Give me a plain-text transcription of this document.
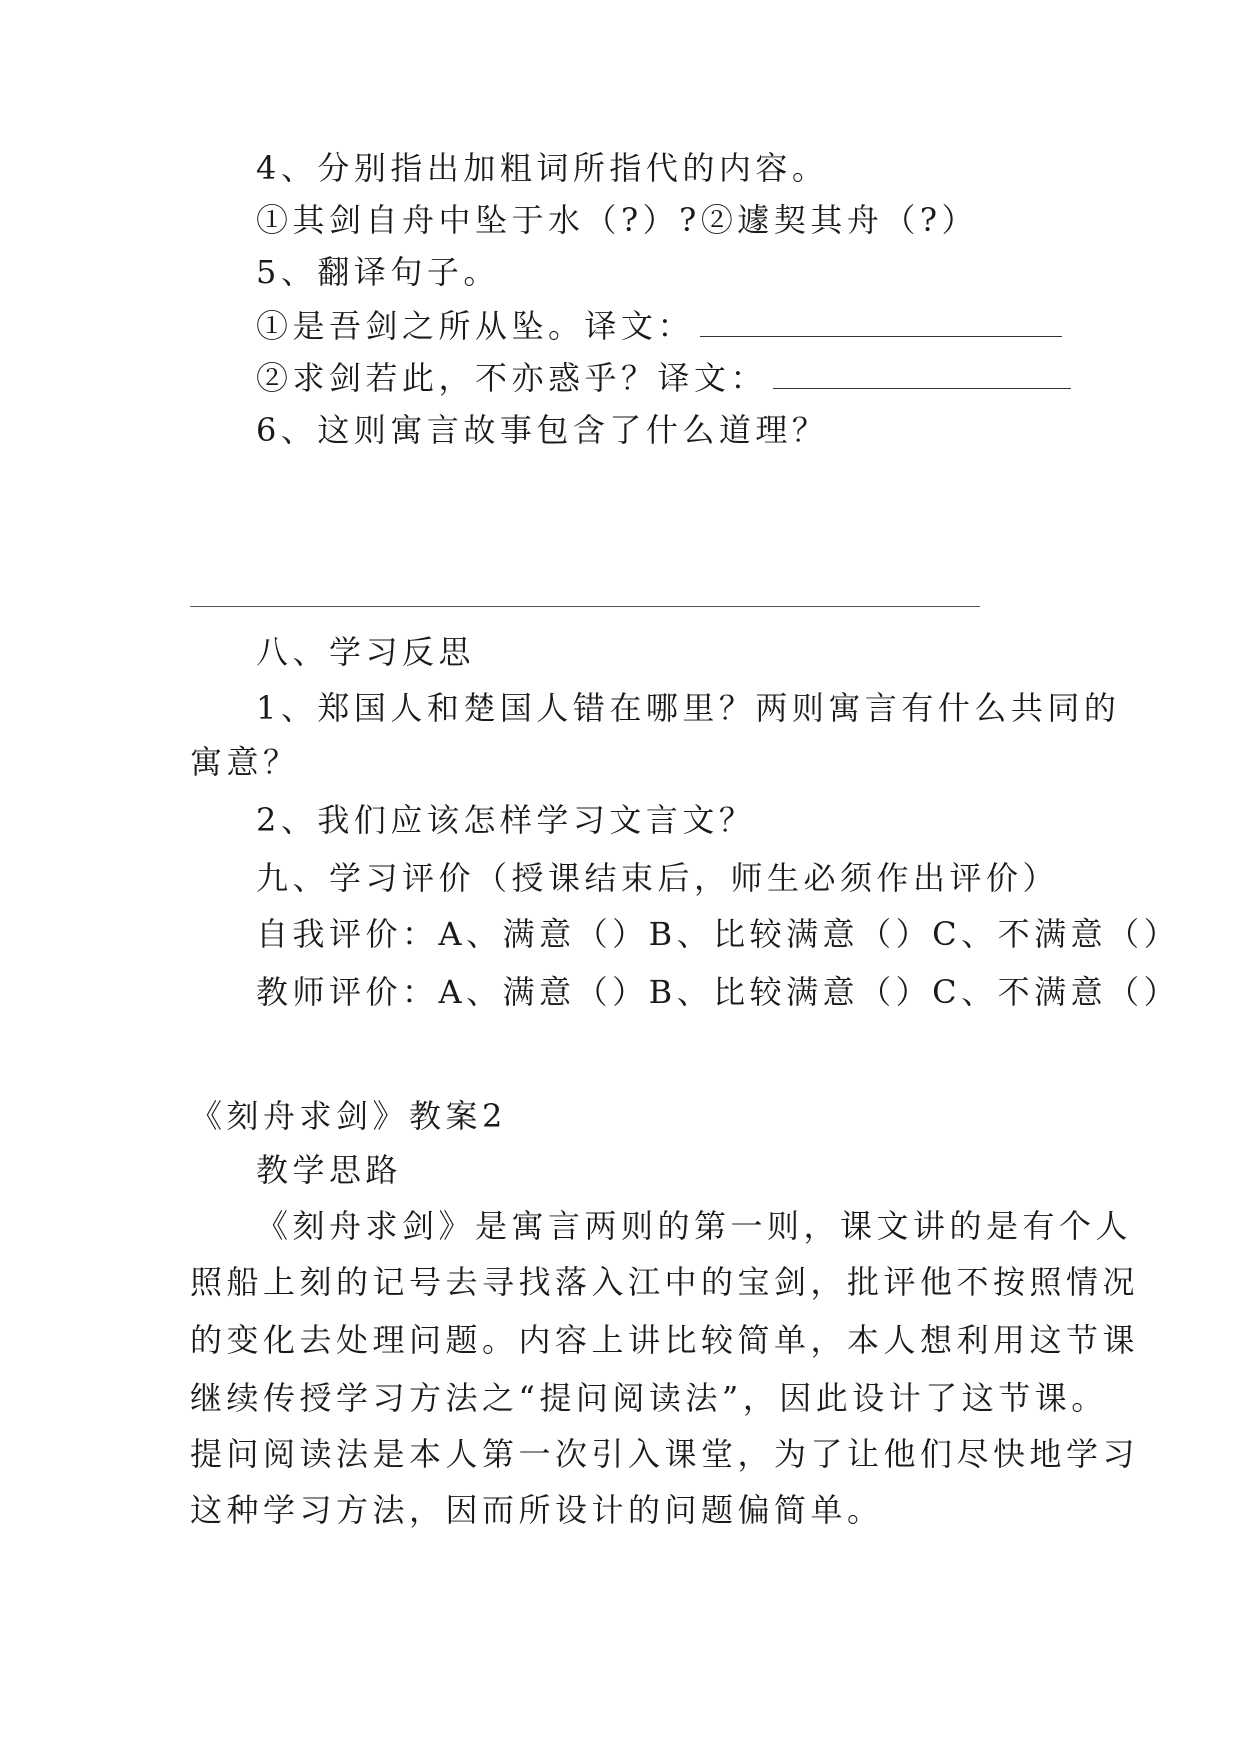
4、分别指出加粗词所指代的内容。
①其剑自舟中坠于水（?）?②遽契其舟（?）
5、翻译句子。
①是吾剑之所从坠。译文：
②求剑若此，不亦惑乎？译文：
6、这则寓言故事包含了什么道理？
八、学习反思
1、郑国人和楚国人错在哪里？两则寓言有什么共同的
寓意？
2、我们应该怎样学习文言文？
九、学习评价（授课结束后，师生必须作出评价）
自我评价：A、满意（）B、比较满意（）C、不满意（）
教师评价：A、满意（）B、比较满意（）C、不满意（）
《刻舟求剑》教案2
教学思路
《刻舟求剑》是寓言两则的第一则，课文讲的是有个人
照船上刻的记号去寻找落入江中的宝剑，批评他不按照情况
的变化去处理问题。内容上讲比较简单，本人想利用这节课
继续传授学习方法之“提问阅读法”，因此设计了这节课。
提问阅读法是本人第一次引入课堂，为了让他们尽快地学习
这种学习方法，因而所设计的问题偏简单。
